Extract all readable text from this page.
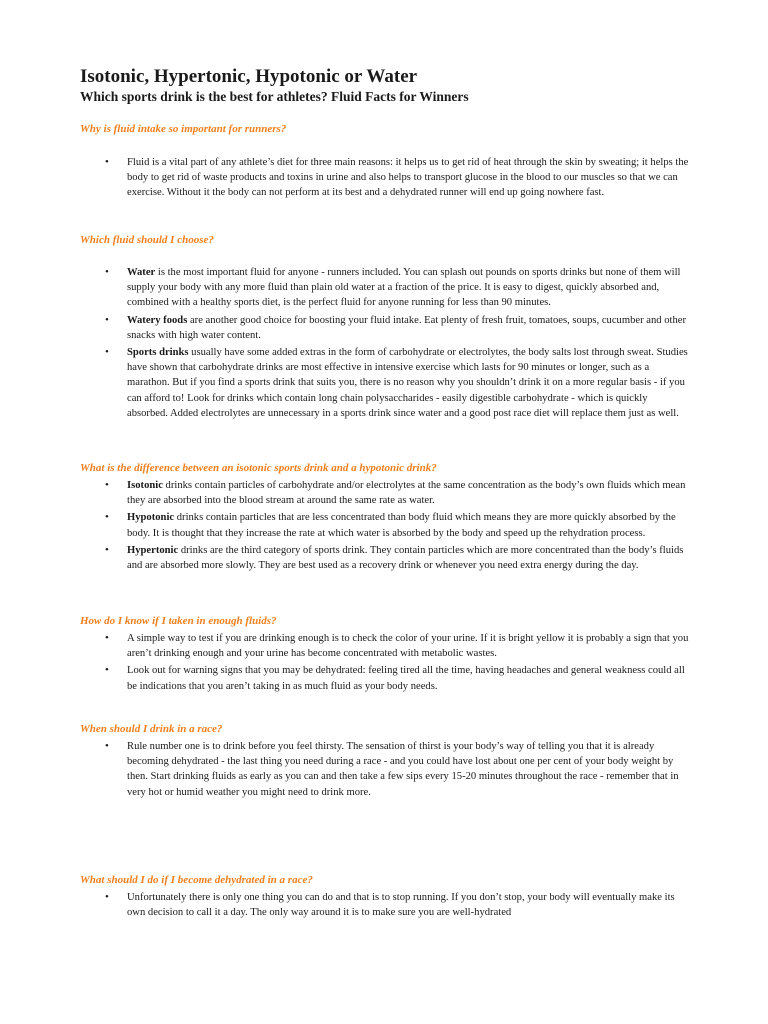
Isotonic, Hypertonic, Hypotonic or Water
Which sports drink is the best for athletes? Fluid Facts for Winners
Why is fluid intake so important for runners?
• Fluid is a vital part of any athlete’s diet for three main reasons: it helps us to get rid of heat through the skin by sweating; it helps the body to get rid of waste products and toxins in urine and also helps to transport glucose in the blood to our muscles so that we can exercise. Without it the body can not perform at its best and a dehydrated runner will end up going nowhere fast.
Which fluid should I choose?
• Water is the most important fluid for anyone - runners included. You can splash out pounds on sports drinks but none of them will supply your body with any more fluid than plain old water at a fraction of the price. It is easy to digest, quickly absorbed and, combined with a healthy sports diet, is the perfect fluid for anyone running for less than 90 minutes.
• Watery foods are another good choice for boosting your fluid intake. Eat plenty of fresh fruit, tomatoes, soups, cucumber and other snacks with high water content.
• Sports drinks usually have some added extras in the form of carbohydrate or electrolytes, the body salts lost through sweat. Studies have shown that carbohydrate drinks are most effective in intensive exercise which lasts for 90 minutes or longer, such as a marathon. But if you find a sports drink that suits you, there is no reason why you shouldn’t drink it on a more regular basis - if you can afford to! Look for drinks which contain long chain polysaccharides - easily digestible carbohydrate - which is quickly absorbed. Added electrolytes are unnecessary in a sports drink since water and a good post race diet will replace them just as well.
What is the difference between an isotonic sports drink and a hypotonic drink?
• Isotonic drinks contain particles of carbohydrate and/or electrolytes at the same concentration as the body’s own fluids which mean they are absorbed into the blood stream at around the same rate as water.
• Hypotonic drinks contain particles that are less concentrated than body fluid which means they are more quickly absorbed by the body. It is thought that they increase the rate at which water is absorbed by the body and speed up the rehydration process.
• Hypertonic drinks are the third category of sports drink. They contain particles which are more concentrated than the body’s fluids and are absorbed more slowly. They are best used as a recovery drink or whenever you need extra energy during the day.
How do I know if I taken in enough fluids?
• A simple way to test if you are drinking enough is to check the color of your urine. If it is bright yellow it is probably a sign that you aren’t drinking enough and your urine has become concentrated with metabolic wastes.
• Look out for warning signs that you may be dehydrated: feeling tired all the time, having headaches and general weakness could all be indications that you aren’t taking in as much fluid as your body needs.
When should I drink in a race?
• Rule number one is to drink before you feel thirsty. The sensation of thirst is your body’s way of telling you that it is already becoming dehydrated - the last thing you need during a race - and you could have lost about one per cent of your body weight by then. Start drinking fluids as early as you can and then take a few sips every 15-20 minutes throughout the race - remember that in very hot or humid weather you might need to drink more.
What should I do if I become dehydrated in a race?
• Unfortunately there is only one thing you can do and that is to stop running. If you don’t stop, your body will eventually make its own decision to call it a day. The only way around it is to make sure you are well-hydrated
